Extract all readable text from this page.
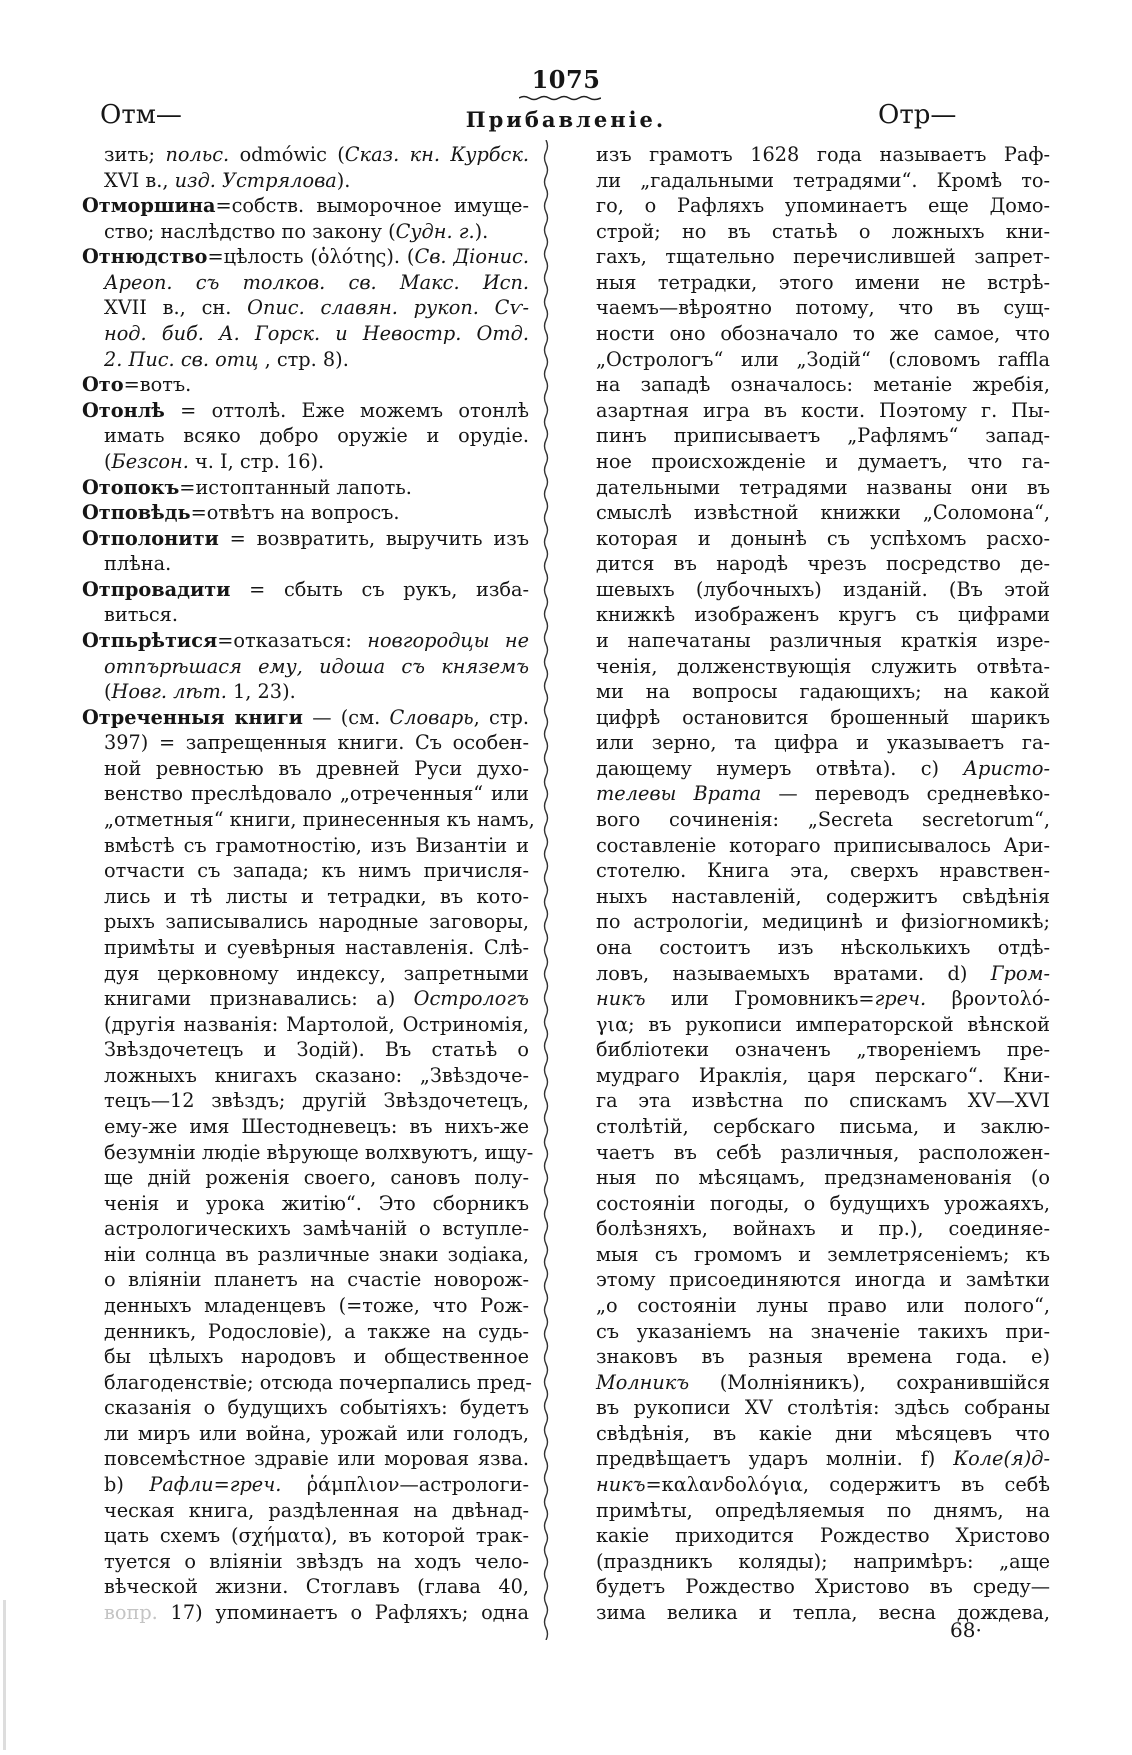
1075
Отм—	Прибавленіе.	Отр—
зить; польс. odmówic (Сказ. кн. Курбск.
XVI в., изд. Устрялова).
Отморшина=собств. выморочное имуще-
ство; наслѣдство по закону (Судн. г.).
Отнюдство=цѣлость (ὁλότης). (Св. Діонис.
Ареоп. съ толков. св. Макс. Исп.
XVII в., сн. Опис. славян. рукоп. Сѵ-
нод. биб. А. Горск. и Невостр. Отд.
2. Пис. св. отц , стр. 8).
Ото=вотъ.
Отонлѣ = оттолѣ. Еже можемъ отонлѣ
имать всяко добро оружіе и орудіе.
(Безсон. ч. I, стр. 16).
Отопокъ=истоптанный лапоть.
Отповѣдь=отвѣтъ на вопросъ.
Отполонити = возвратить, выручить изъ
плѣна.
Отпровадити = сбыть съ рукъ, изба-
виться.
Отпьрѣтися=отказаться: новгородцы не
отпърѣшася ему, идоша съ княземъ
(Новг. лѣт. 1, 23).
Отреченныя книги — (см. Словарь, стр.
397) = запрещенныя книги. Съ особен-
ной ревностью въ древней Руси духо-
венство преслѣдовало „отреченныя“ или
„отметныя“ книги, принесенныя къ намъ,
вмѣстѣ съ грамотностію, изъ Византіи и
отчасти съ запада; къ нимъ причисля-
лись и тѣ листы и тетрадки, въ кото-
рыхъ записывались народные заговоры,
примѣты и суевѣрныя наставленія. Слѣ-
дуя церковному индексу, запретными
книгами признавались: а) Острологъ
(другія названія: Мартолой, Остриномія,
Звѣздочетецъ и Зодій). Въ статьѣ о
ложныхъ книгахъ сказано: „Звѣздоче-
тецъ—12 звѣздъ; другій Звѣздочетецъ,
ему-же имя Шестодневецъ: въ нихъ-же
безумніи людіе вѣрующе волхвуютъ, ищу-
ще дній роженія своего, сановъ полу-
ченія и урока житію“. Это сборникъ
астрологическихъ замѣчаній о вступле-
ніи солнца въ различные знаки зодіака,
о вліяніи планетъ на счастіе новорож-
денныхъ младенцевъ (=тоже, что Рож-
денникъ, Родословіе), а также на судь-
бы цѣлыхъ народовъ и общественное
благоденствіе; отсюда почерпались пред-
сказанія о будущихъ событіяхъ: будетъ
ли миръ или война, урожай или голодъ,
повсемѣстное здравіе или моровая язва.
b) Рафли=греч. ῥάμπλιον—астрологи-
ческая книга, раздѣленная на двѣнад-
цать схемъ (σχήματα), въ которой трак-
туется о вліяніи звѣздъ на ходъ чело-
вѣческой жизни. Стоглавъ (глава 40,
вопр. 17) упоминаетъ о Рафляхъ; одна
изъ грамотъ 1628 года называетъ Раф-
ли „гадальными тетрадями“. Кромѣ то-
го, о Рафляхъ упоминаетъ еще Домо-
строй; но въ статьѣ о ложныхъ кни-
гахъ, тщательно перечислившей запрет-
ныя тетрадки, этого имени не встрѣ-
чаемъ—вѣроятно потому, что въ сущ-
ности оно обозначало то же самое, что
„Острологъ“ или „Зодій“ (словомъ raffla
на западѣ означалось: метаніе жребія,
азартная игра въ кости. Поэтому г. Пы-
пинъ приписываетъ „Рафлямъ“ запад-
ное происхожденіе и думаетъ, что га-
дательными тетрадями названы они въ
смыслѣ извѣстной книжки „Соломона“,
которая и донынѣ съ успѣхомъ расхо-
дится въ народѣ чрезъ посредство де-
шевыхъ (лубочныхъ) изданій. (Въ этой
книжкѣ изображенъ кругъ съ цифрами
и напечатаны различныя краткія изре-
ченія, долженствующія служить отвѣта-
ми на вопросы гадающихъ; на какой
цифрѣ остановится брошенный шарикъ
или зерно, та цифра и указываетъ га-
дающему нумеръ отвѣта). c) Аристо-
телевы Врата — переводъ средневѣко-
вого сочиненія: „Secreta secretorum“,
составленіе котораго приписывалось Ари-
стотелю. Книга эта, сверхъ нравствен-
ныхъ наставленій, содержитъ свѣдѣнія
по астрологіи, медицинѣ и физіогномикѣ;
она состоитъ изъ нѣсколькихъ отдѣ-
ловъ, называемыхъ вратами. d) Гром-
никъ или Громовникъ=греч. βροντολό-
για; въ рукописи императорской вѣнской
библіотеки означенъ „твореніемъ пре-
мудраго Ираклія, царя перскаго“. Кни-
га эта извѣстна по спискамъ XV—XVI
столѣтій, сербскаго письма, и заклю-
чаетъ въ себѣ различныя, расположен-
ныя по мѣсяцамъ, предзнаменованія (о
состояніи погоды, о будущихъ урожаяхъ,
болѣзняхъ, войнахъ и пр.), соединяе-
мыя съ громомъ и землетрясеніемъ; къ
этому присоединяются иногда и замѣтки
„о состояніи луны право или полого“,
съ указаніемъ на значеніе такихъ при-
знаковъ въ разныя времена года. e)
Молникъ (Молніяникъ), сохранившійся
въ рукописи XV столѣтія: здѣсь собраны
свѣдѣнія, въ какіе дни мѣсяцевъ что
предвѣщаетъ ударъ молніи. f) Коле(я)д-
никъ=καλανδολόγια, содержитъ въ себѣ
примѣты, опредѣляемыя по днямъ, на
какіе приходится Рождество Христово
(праздникъ коляды); напримѣръ: „аще
будетъ Рождество Христово въ среду—
зима велика и тепла, весна дождева,
68·
